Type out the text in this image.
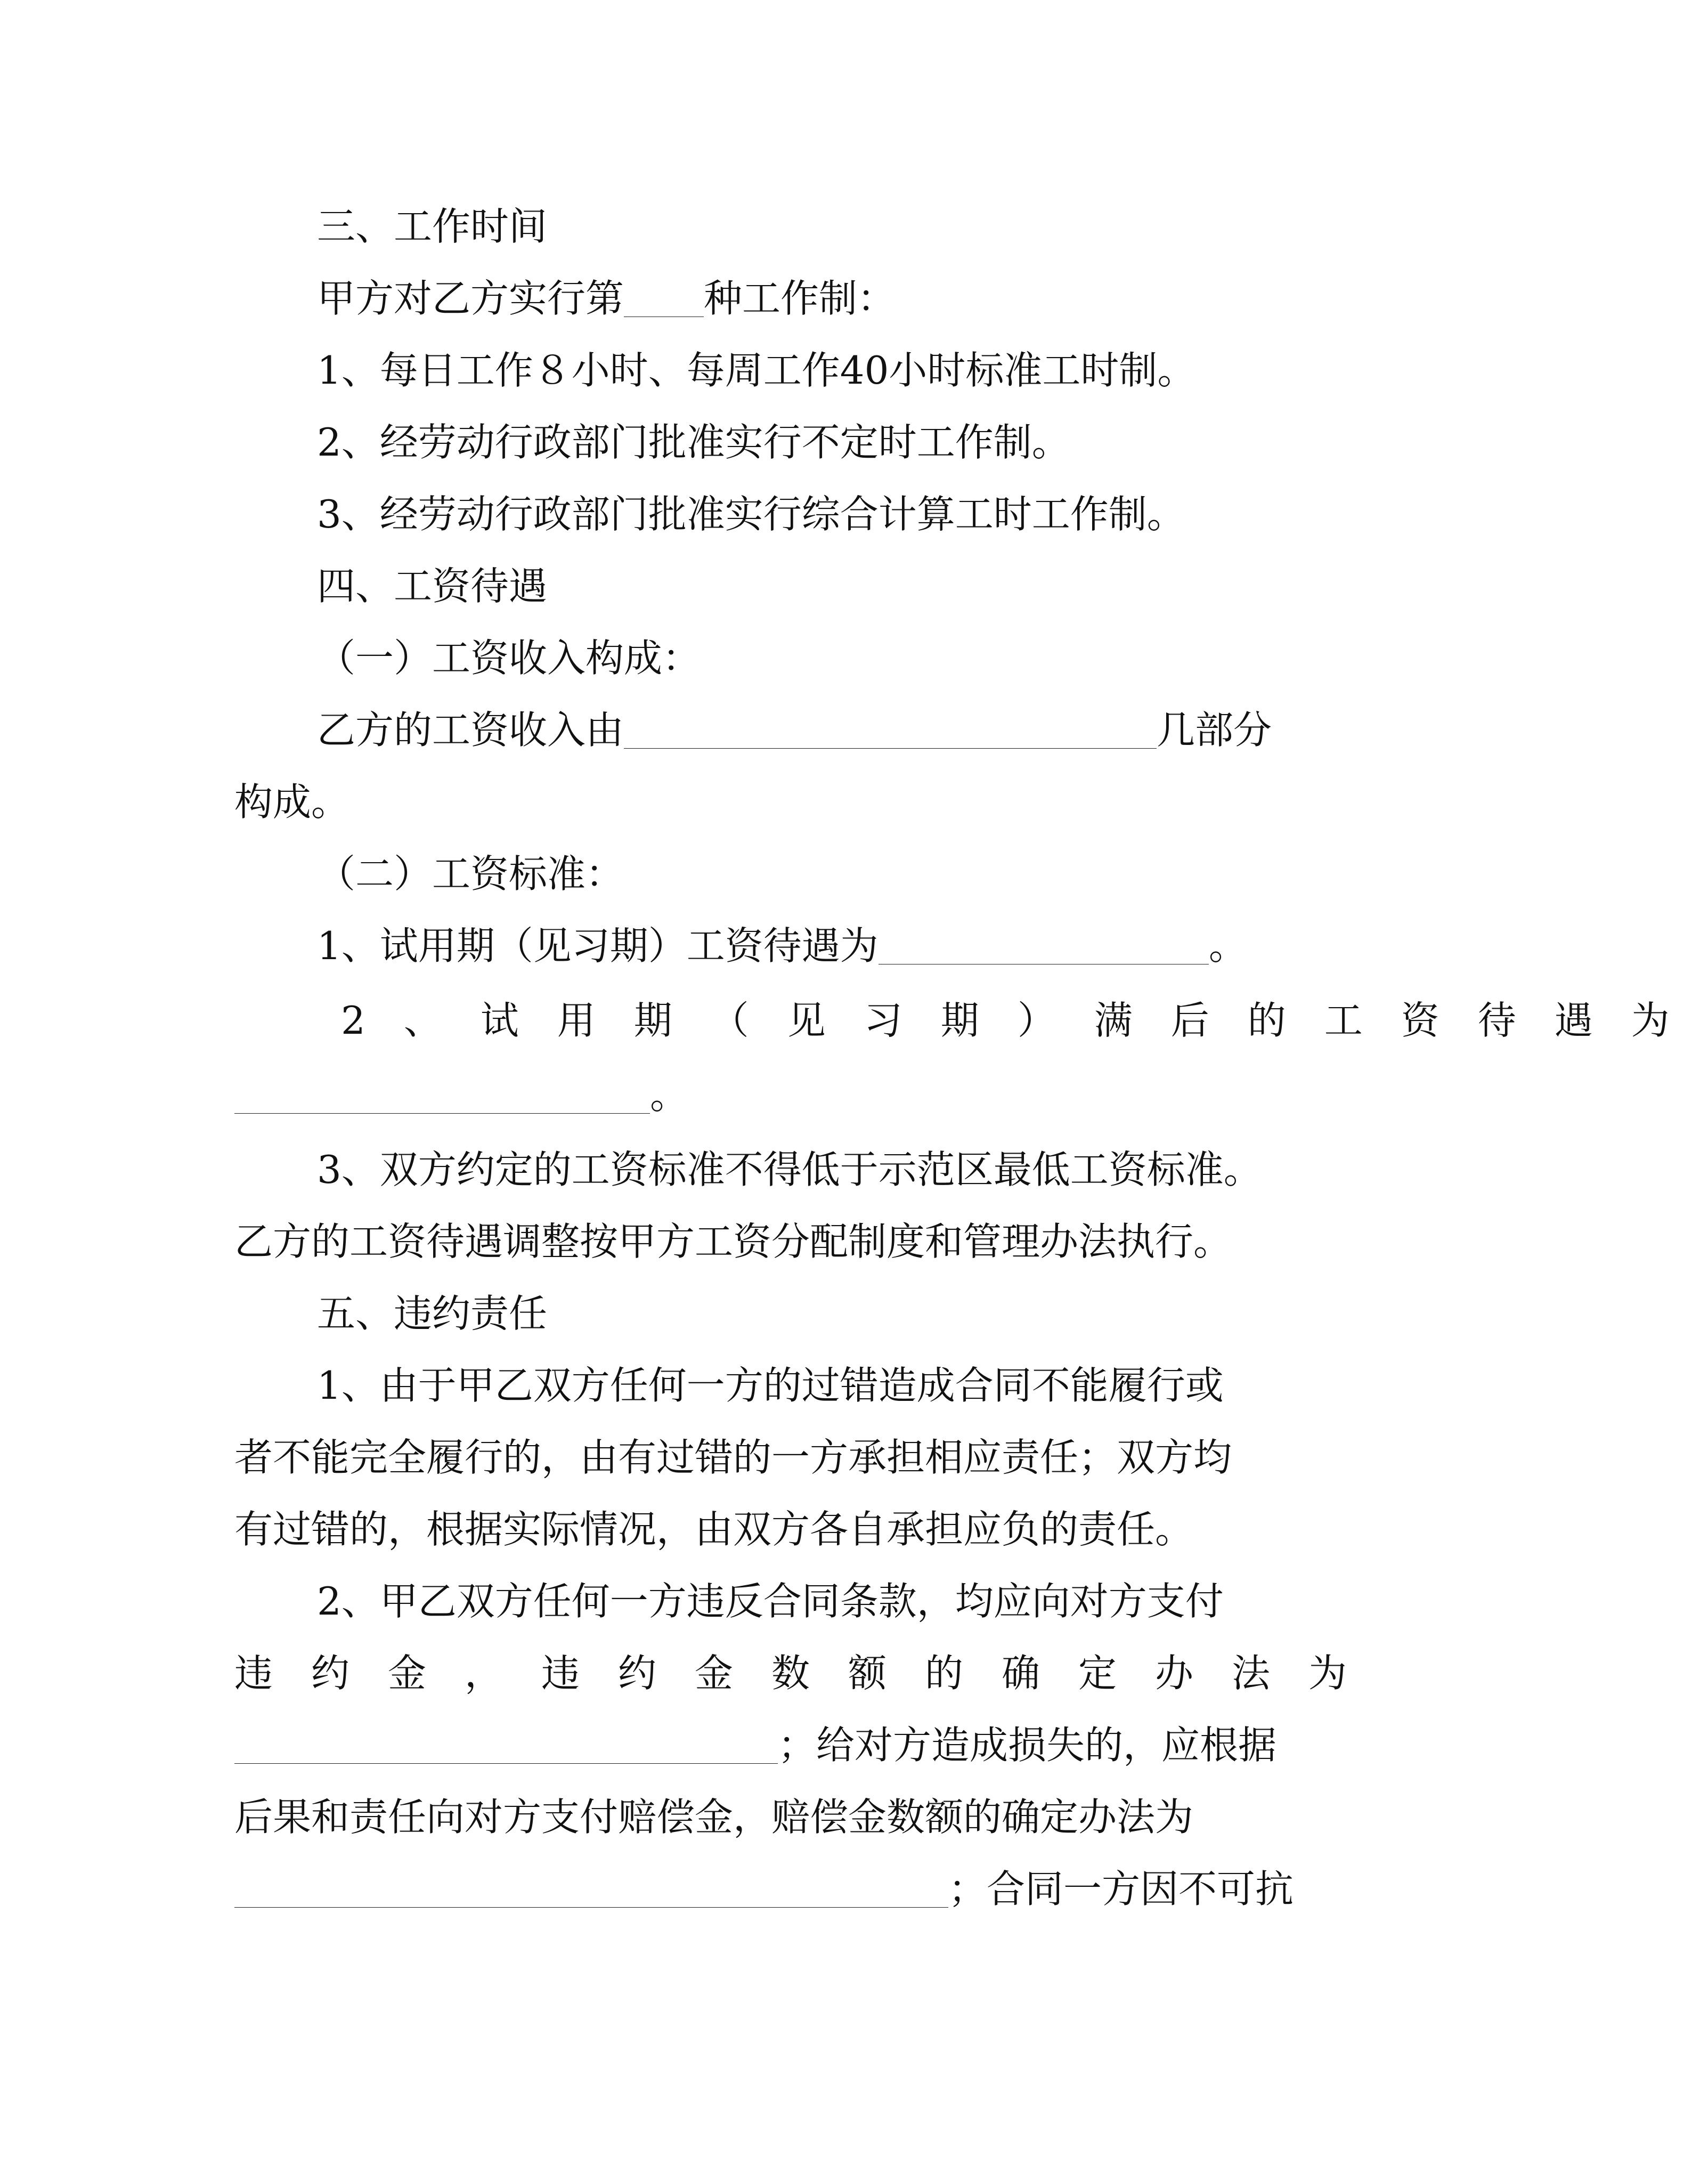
三、工作时间
甲方对乙方实行第 种工作制：
1、每日工作８小时、每周工作40小时标准工时制。
2、经劳动行政部门批准实行不定时工作制。
3、经劳动行政部门批准实行综合计算工时工作制。
四、工资待遇
（一）工资收入构成：
乙方的工资收入由	几部分
构成。
（二）工资标准：
1、试用期（见习期）工资待遇为	。
2、试用期（见习期）满后的工资待遇为
。
3、双方约定的工资标准不得低于示范区最低工资标准。
乙方的工资待遇调整按甲方工资分配制度和管理办法执行。
五、违约责任
1、由于甲乙双方任何一方的过错造成合同不能履行或
者不能完全履行的，由有过错的一方承担相应责任；双方均
有过错的，根据实际情况，由双方各自承担应负的责任。
2、甲乙双方任何一方违反合同条款，均应向对方支付
违约金，违约金数额的确定办法为
；给对方造成损失的，应根据
后果和责任向对方支付赔偿金，赔偿金数额的确定办法为
；合同一方因不可抗
